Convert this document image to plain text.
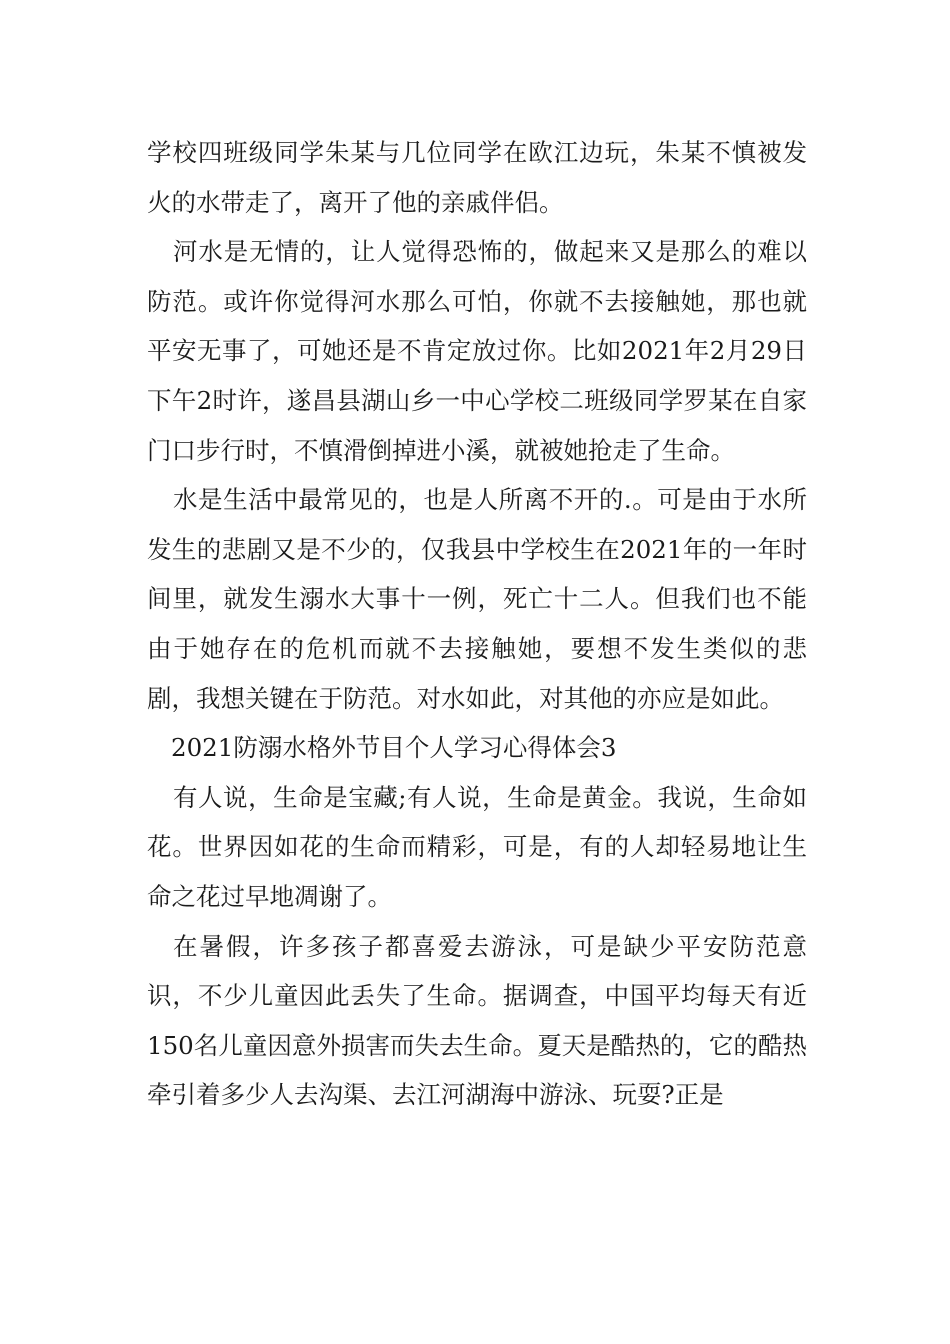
学校四班级同学朱某与几位同学在欧江边玩，朱某不慎被发火的水带走了，离开了他的亲戚伴侣。

河水是无情的，让人觉得恐怖的，做起来又是那么的难以防范。或许你觉得河水那么可怕，你就不去接触她，那也就平安无事了，可她还是不肯定放过你。比如2021年2月29日下午2时许，遂昌县湖山乡一中心学校二班级同学罗某在自家门口步行时，不慎滑倒掉进小溪，就被她抢走了生命。

水是生活中最常见的，也是人所离不开的.。可是由于水所发生的悲剧又是不少的，仅我县中学校生在2021年的一年时间里，就发生溺水大事十一例，死亡十二人。但我们也不能由于她存在的危机而就不去接触她，要想不发生类似的悲剧，我想关键在于防范。对水如此，对其他的亦应是如此。

2021防溺水格外节目个人学习心得体会3

有人说，生命是宝藏;有人说，生命是黄金。我说，生命如花。世界因如花的生命而精彩，可是，有的人却轻易地让生命之花过早地凋谢了。

在暑假，许多孩子都喜爱去游泳，可是缺少平安防范意识，不少儿童因此丢失了生命。据调查，中国平均每天有近150名儿童因意外损害而失去生命。夏天是酷热的，它的酷热牵引着多少人去沟渠、去江河湖海中游泳、玩耍?正是
